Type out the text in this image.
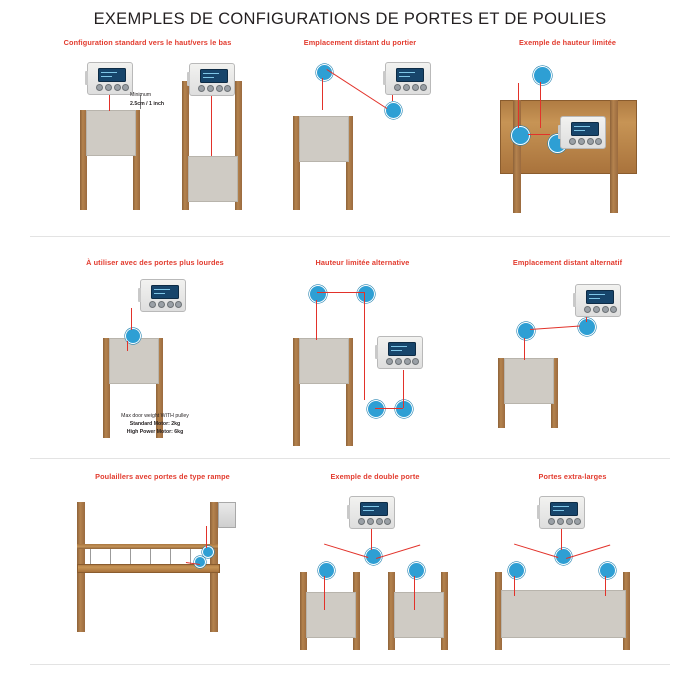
EXEMPLES DE CONFIGURATIONS DE PORTES ET DE POULIES
Configuration standard vers le haut/vers le bas
Minimum
2.5cm / 1 inch
Emplacement distant du portier	Exemple de hauteur limitée
À utiliser avec des portes plus lourdes
Max door weight WITH pulley
Standard Motor: 2kg
High Power Motor: 6kg
Hauteur limitée alternative	Emplacement distant alternatif
Poulaillers avec portes de type rampe	Exemple de double porte	Portes extra-larges
